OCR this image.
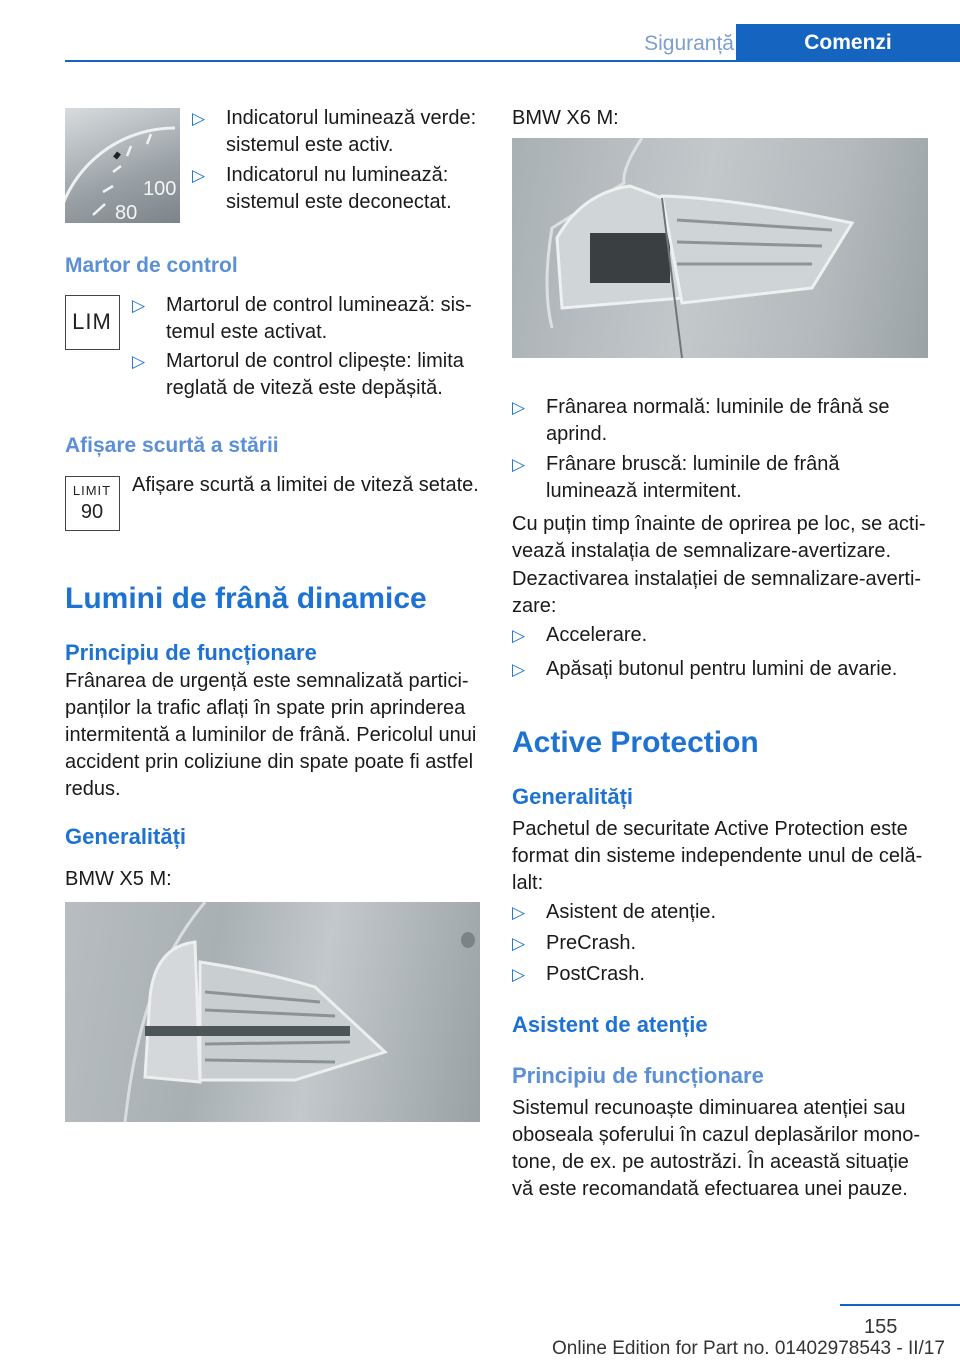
Siguranță	Comenzi
100
80
▷ Indicatorul luminează verde: sistemul este activ.
▷ Indicatorul nu luminează: sistemul este deconectat.
Martor de control
LIM
▷ Martorul de control luminează: sis-temul este activat.
▷ Martorul de control clipește: limita reglată de viteză este depășită.
Afișare scurtă a stării
LIMIT
90
Afișare scurtă a limitei de viteză setate.
Lumini de frână dinamice
Principiu de funcționare
Frânarea de urgență este semnalizată partici-panților la trafic aflați în spate prin aprinderea intermitentă a luminilor de frână. Pericolul unui accident prin coliziune din spate poate fi astfel redus.
Generalități
BMW X5 M:
BMW X6 M:
▷ Frânarea normală: luminile de frână se aprind.
▷ Frânare bruscă: luminile de frână luminează intermitent.
Cu puțin timp înainte de oprirea pe loc, se acti-vează instalația de semnalizare-avertizare.
Dezactivarea instalației de semnalizare-averti-zare:
▷ Accelerare.
▷ Apăsați butonul pentru lumini de avarie.
Active Protection
Generalități
Pachetul de securitate Active Protection este format din sisteme independente unul de celă-lalt:
▷ Asistent de atenție.
▷ PreCrash.
▷ PostCrash.
Asistent de atenție
Principiu de funcționare
Sistemul recunoaște diminuarea atenției sau oboseala șoferului în cazul deplasărilor mono-tone, de ex. pe autostrăzi. În această situație vă este recomandată efectuarea unei pauze.
155
Online Edition for Part no. 01402978543 - II/17
